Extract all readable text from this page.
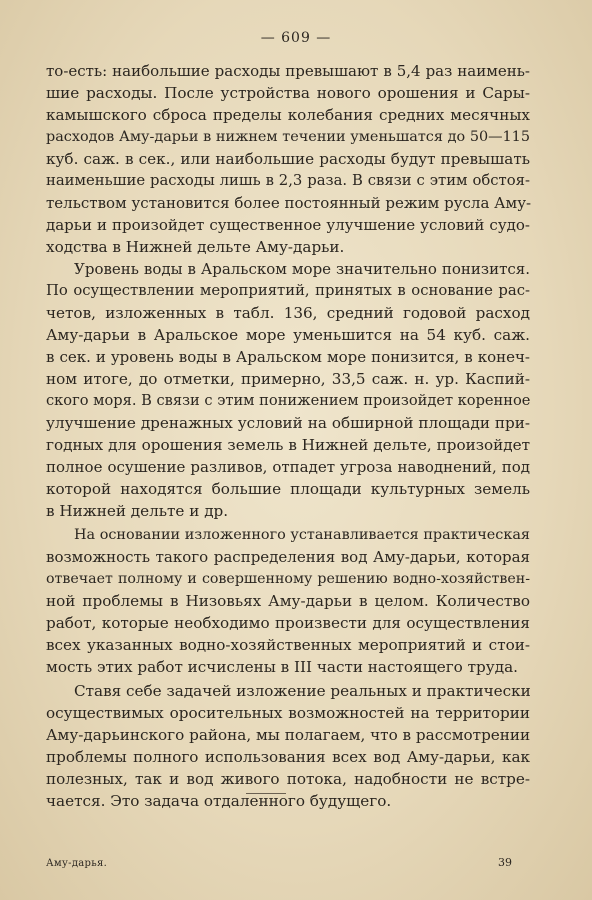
— 609 —
то-есть: наибольшие расходы превышают в 5,4 раз наимень-
шие расходы. После устройства нового орошения и Сары-
камышского сброса пределы колебания средних месячных
расходов Аму-дарьи в нижнем течении уменьшатся до 50—115
куб. саж. в сек., или наибольшие расходы будут превышать
наименьшие расходы лишь в 2,3 раза. В связи с этим обстоя-
тельством установится более постоянный режим русла Аму-
дарьи и произойдет существенное улучшение условий судо-
ходства в Нижней дельте Аму-дарьи.
Уровень воды в Аральском море значительно понизится.
По осуществлении мероприятий, принятых в основание рас-
четов, изложенных в табл. 136, средний годовой расход
Аму-дарьи в Аральское море уменьшится на 54 куб. саж.
в сек. и уровень воды в Аральском море понизится, в конеч-
ном итоге, до отметки, примерно, 33,5 саж. н. ур. Каспий-
ского моря. В связи с этим понижением произойдет коренное
улучшение дренажных условий на обширной площади при-
годных для орошения земель в Нижней дельте, произойдет
полное осушение разливов, отпадет угроза наводнений, под
которой находятся большие площади культурных земель
в Нижней дельте и др.
На основании изложенного устанавливается практическая
возможность такого распределения вод Аму-дарьи, которая
отвечает полному и совершенному решению водно-хозяйствен-
ной проблемы в Низовьях Аму-дарьи в целом. Количество
работ, которые необходимо произвести для осуществления
всех указанных водно-хозяйственных мероприятий и стои-
мость этих работ исчислены в III части настоящего труда.
Ставя себе задачей изложение реальных и практически
осуществимых оросительных возможностей на территории
Аму-дарьинского района, мы полагаем, что в рассмотрении
проблемы полного использования всех вод Аму-дарьи, как
полезных, так и вод живого потока, надобности не встре-
чается. Это задача отдаленного будущего.
Аму-дарья.	39
